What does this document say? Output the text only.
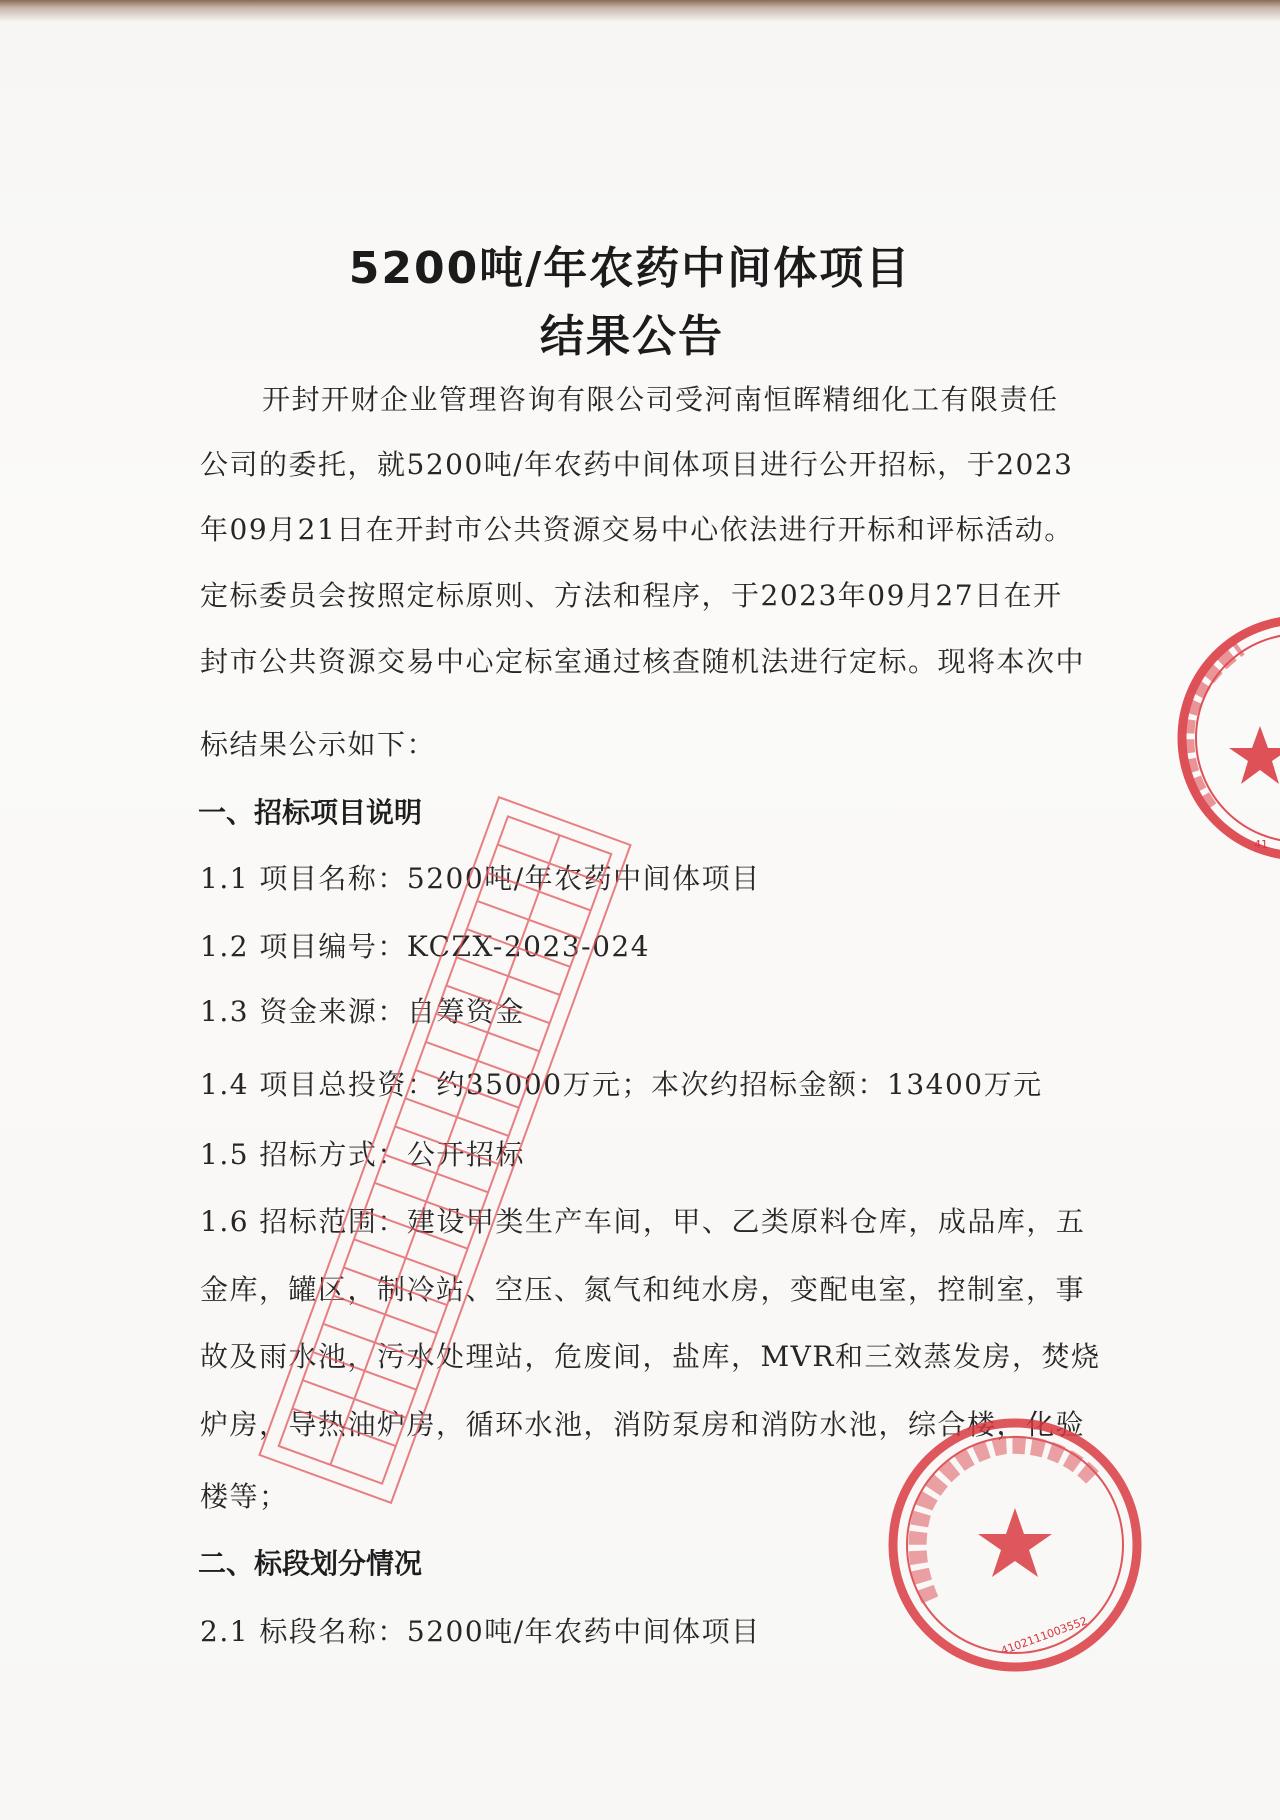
5200吨/年农药中间体项目
结果公告
开封开财企业管理咨询有限公司受河南恒晖精细化工有限责任
公司的委托，就5200吨/年农药中间体项目进行公开招标，于2023
年09月21日在开封市公共资源交易中心依法进行开标和评标活动。
定标委员会按照定标原则、方法和程序，于2023年09月27日在开
封市公共资源交易中心定标室通过核查随机法进行定标。现将本次中
标结果公示如下：
一、招标项目说明
1.1 项目名称：5200吨/年农药中间体项目
1.2 项目编号：KCZX-2023-024
1.3 资金来源：自筹资金
1.4 项目总投资：约35000万元；本次约招标金额：13400万元
1.5 招标方式：公开招标
1.6 招标范围：建设甲类生产车间，甲、乙类原料仓库，成品库，五
金库，罐区，制冷站、空压、氮气和纯水房，变配电室，控制室，事
故及雨水池，污水处理站，危废间，盐库，MVR和三效蒸发房，焚烧
炉房，导热油炉房，循环水池，消防泵房和消防水池，综合楼，化验
楼等；
二、标段划分情况
2.1 标段名称：5200吨/年农药中间体项目
41
4102111003552
